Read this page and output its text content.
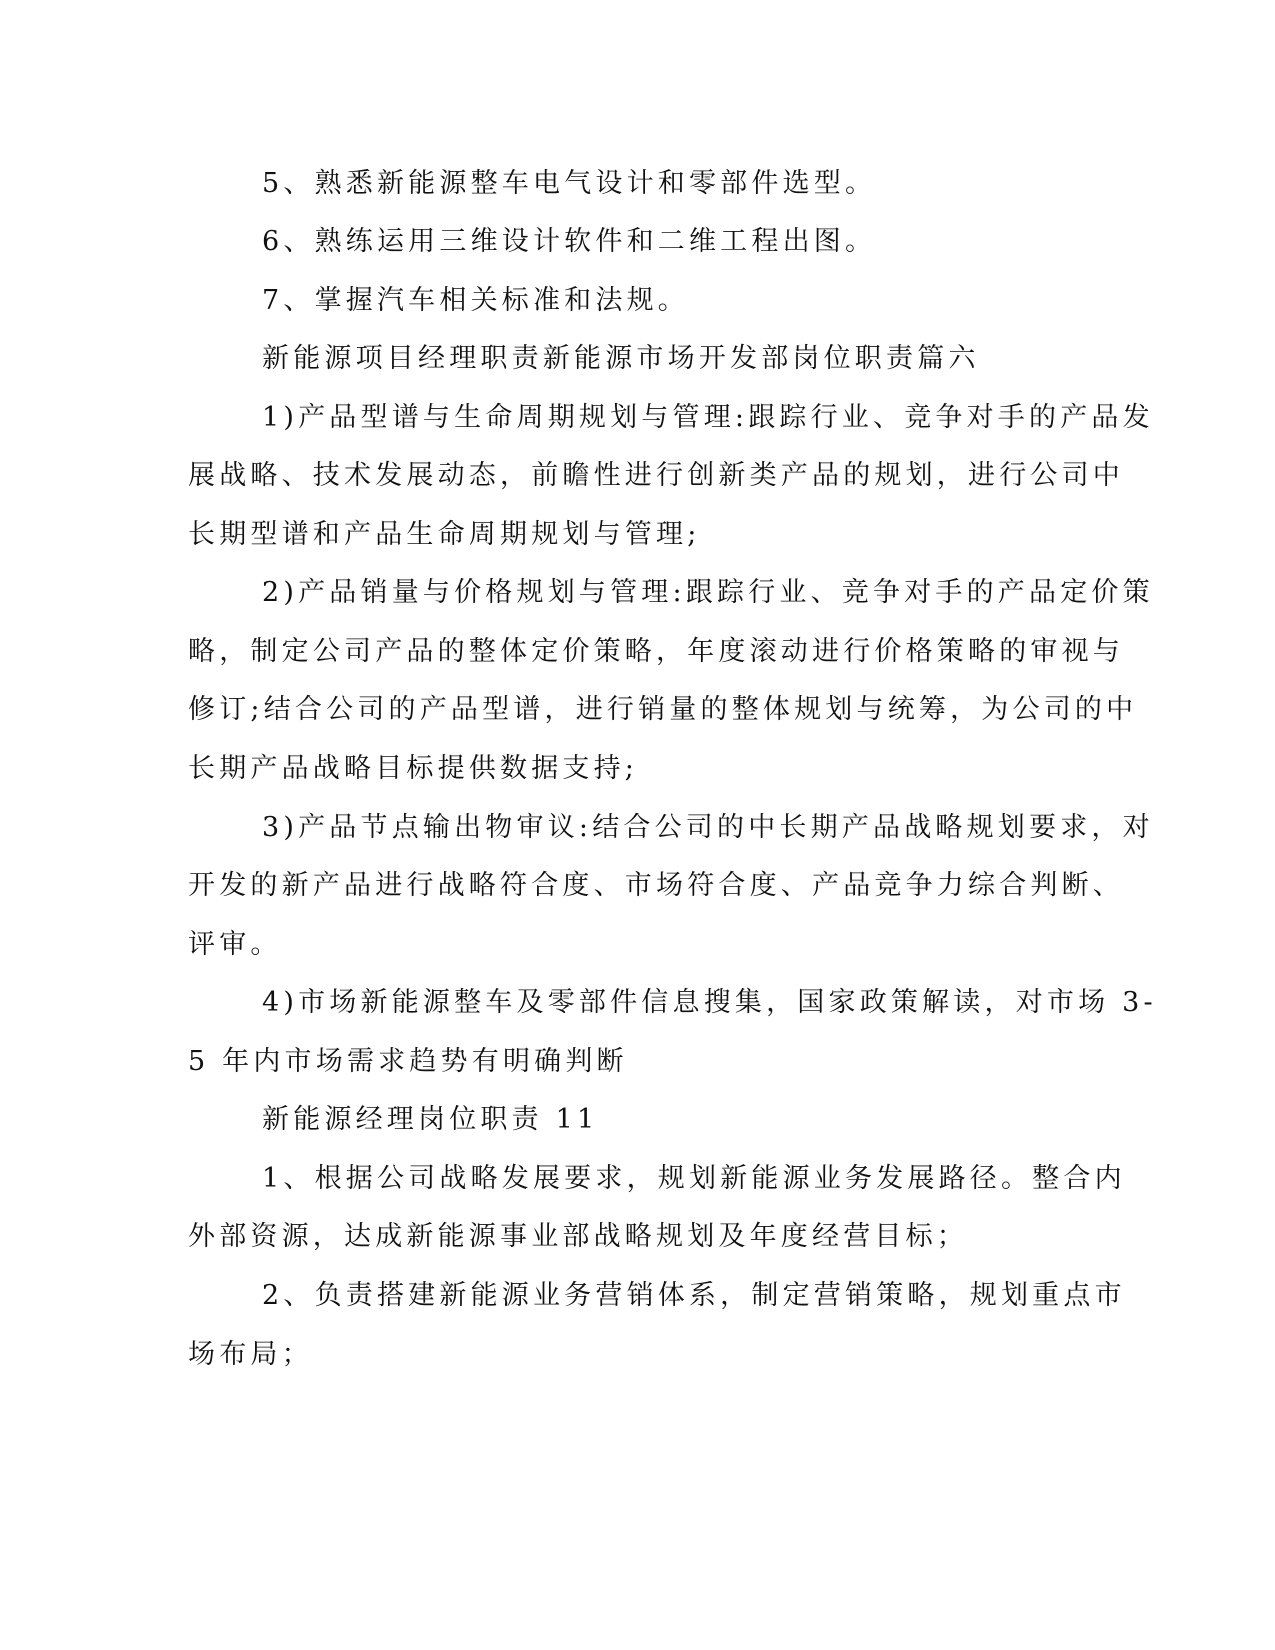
5、熟悉新能源整车电气设计和零部件选型。
6、熟练运用三维设计软件和二维工程出图。
7、掌握汽车相关标准和法规。
新能源项目经理职责新能源市场开发部岗位职责篇六
1)产品型谱与生命周期规划与管理:跟踪行业、竞争对手的产品发
展战略、技术发展动态，前瞻性进行创新类产品的规划，进行公司中
长期型谱和产品生命周期规划与管理;
2)产品销量与价格规划与管理:跟踪行业、竞争对手的产品定价策
略，制定公司产品的整体定价策略，年度滚动进行价格策略的审视与
修订;结合公司的产品型谱，进行销量的整体规划与统筹，为公司的中
长期产品战略目标提供数据支持;
3)产品节点输出物审议:结合公司的中长期产品战略规划要求，对
开发的新产品进行战略符合度、市场符合度、产品竞争力综合判断、
评审。
4)市场新能源整车及零部件信息搜集，国家政策解读，对市场 3-
5 年内市场需求趋势有明确判断
新能源经理岗位职责 11
1、根据公司战略发展要求，规划新能源业务发展路径。整合内
外部资源，达成新能源事业部战略规划及年度经营目标；
2、负责搭建新能源业务营销体系，制定营销策略，规划重点市
场布局；
